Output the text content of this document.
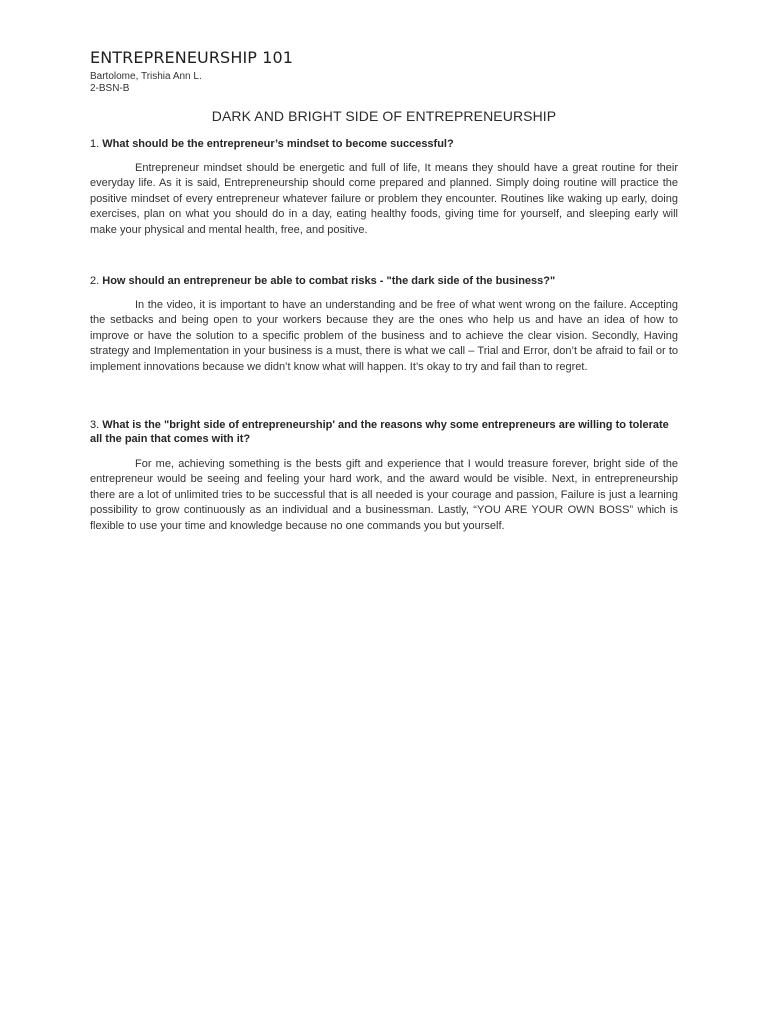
ENTREPRENEURSHIP 101
Bartolome, Trishia Ann L.
2-BSN-B
DARK AND BRIGHT SIDE OF ENTREPRENEURSHIP

1. What should be the entrepreneur’s mindset to become successful?

Entrepreneur mindset should be energetic and full of life, It means they should have a great routine for their everyday life. As it is said, Entrepreneurship should come prepared and planned. Simply doing routine will practice the positive mindset of every entrepreneur whatever failure or problem they encounter. Routines like waking up early, doing exercises, plan on what you should do in a day, eating healthy foods, giving time for yourself, and sleeping early will make your physical and mental health, free, and positive.

2. How should an entrepreneur be able to combat risks - "the dark side of the business?"

In the video, it is important to have an understanding and be free of what went wrong on the failure. Accepting the setbacks and being open to your workers because they are the ones who help us and have an idea of how to improve or have the solution to a specific problem of the business and to achieve the clear vision. Secondly, Having strategy and Implementation in your business is a must, there is what we call – Trial and Error, don’t be afraid to fail or to implement innovations because we didn’t know what will happen. It’s okay to try and fail than to regret.

3. What is the "bright side of entrepreneurship' and the reasons why some entrepreneurs are willing to tolerate all the pain that comes with it?

For me, achieving something is the bests gift and experience that I would treasure forever, bright side of the entrepreneur would be seeing and feeling your hard work, and the award would be visible. Next, in entrepreneurship there are a lot of unlimited tries to be successful that is all needed is your courage and passion, Failure is just a learning possibility to grow continuously as an individual and a businessman. Lastly, “YOU ARE YOUR OWN BOSS” which is flexible to use your time and knowledge because no one commands you but yourself.
